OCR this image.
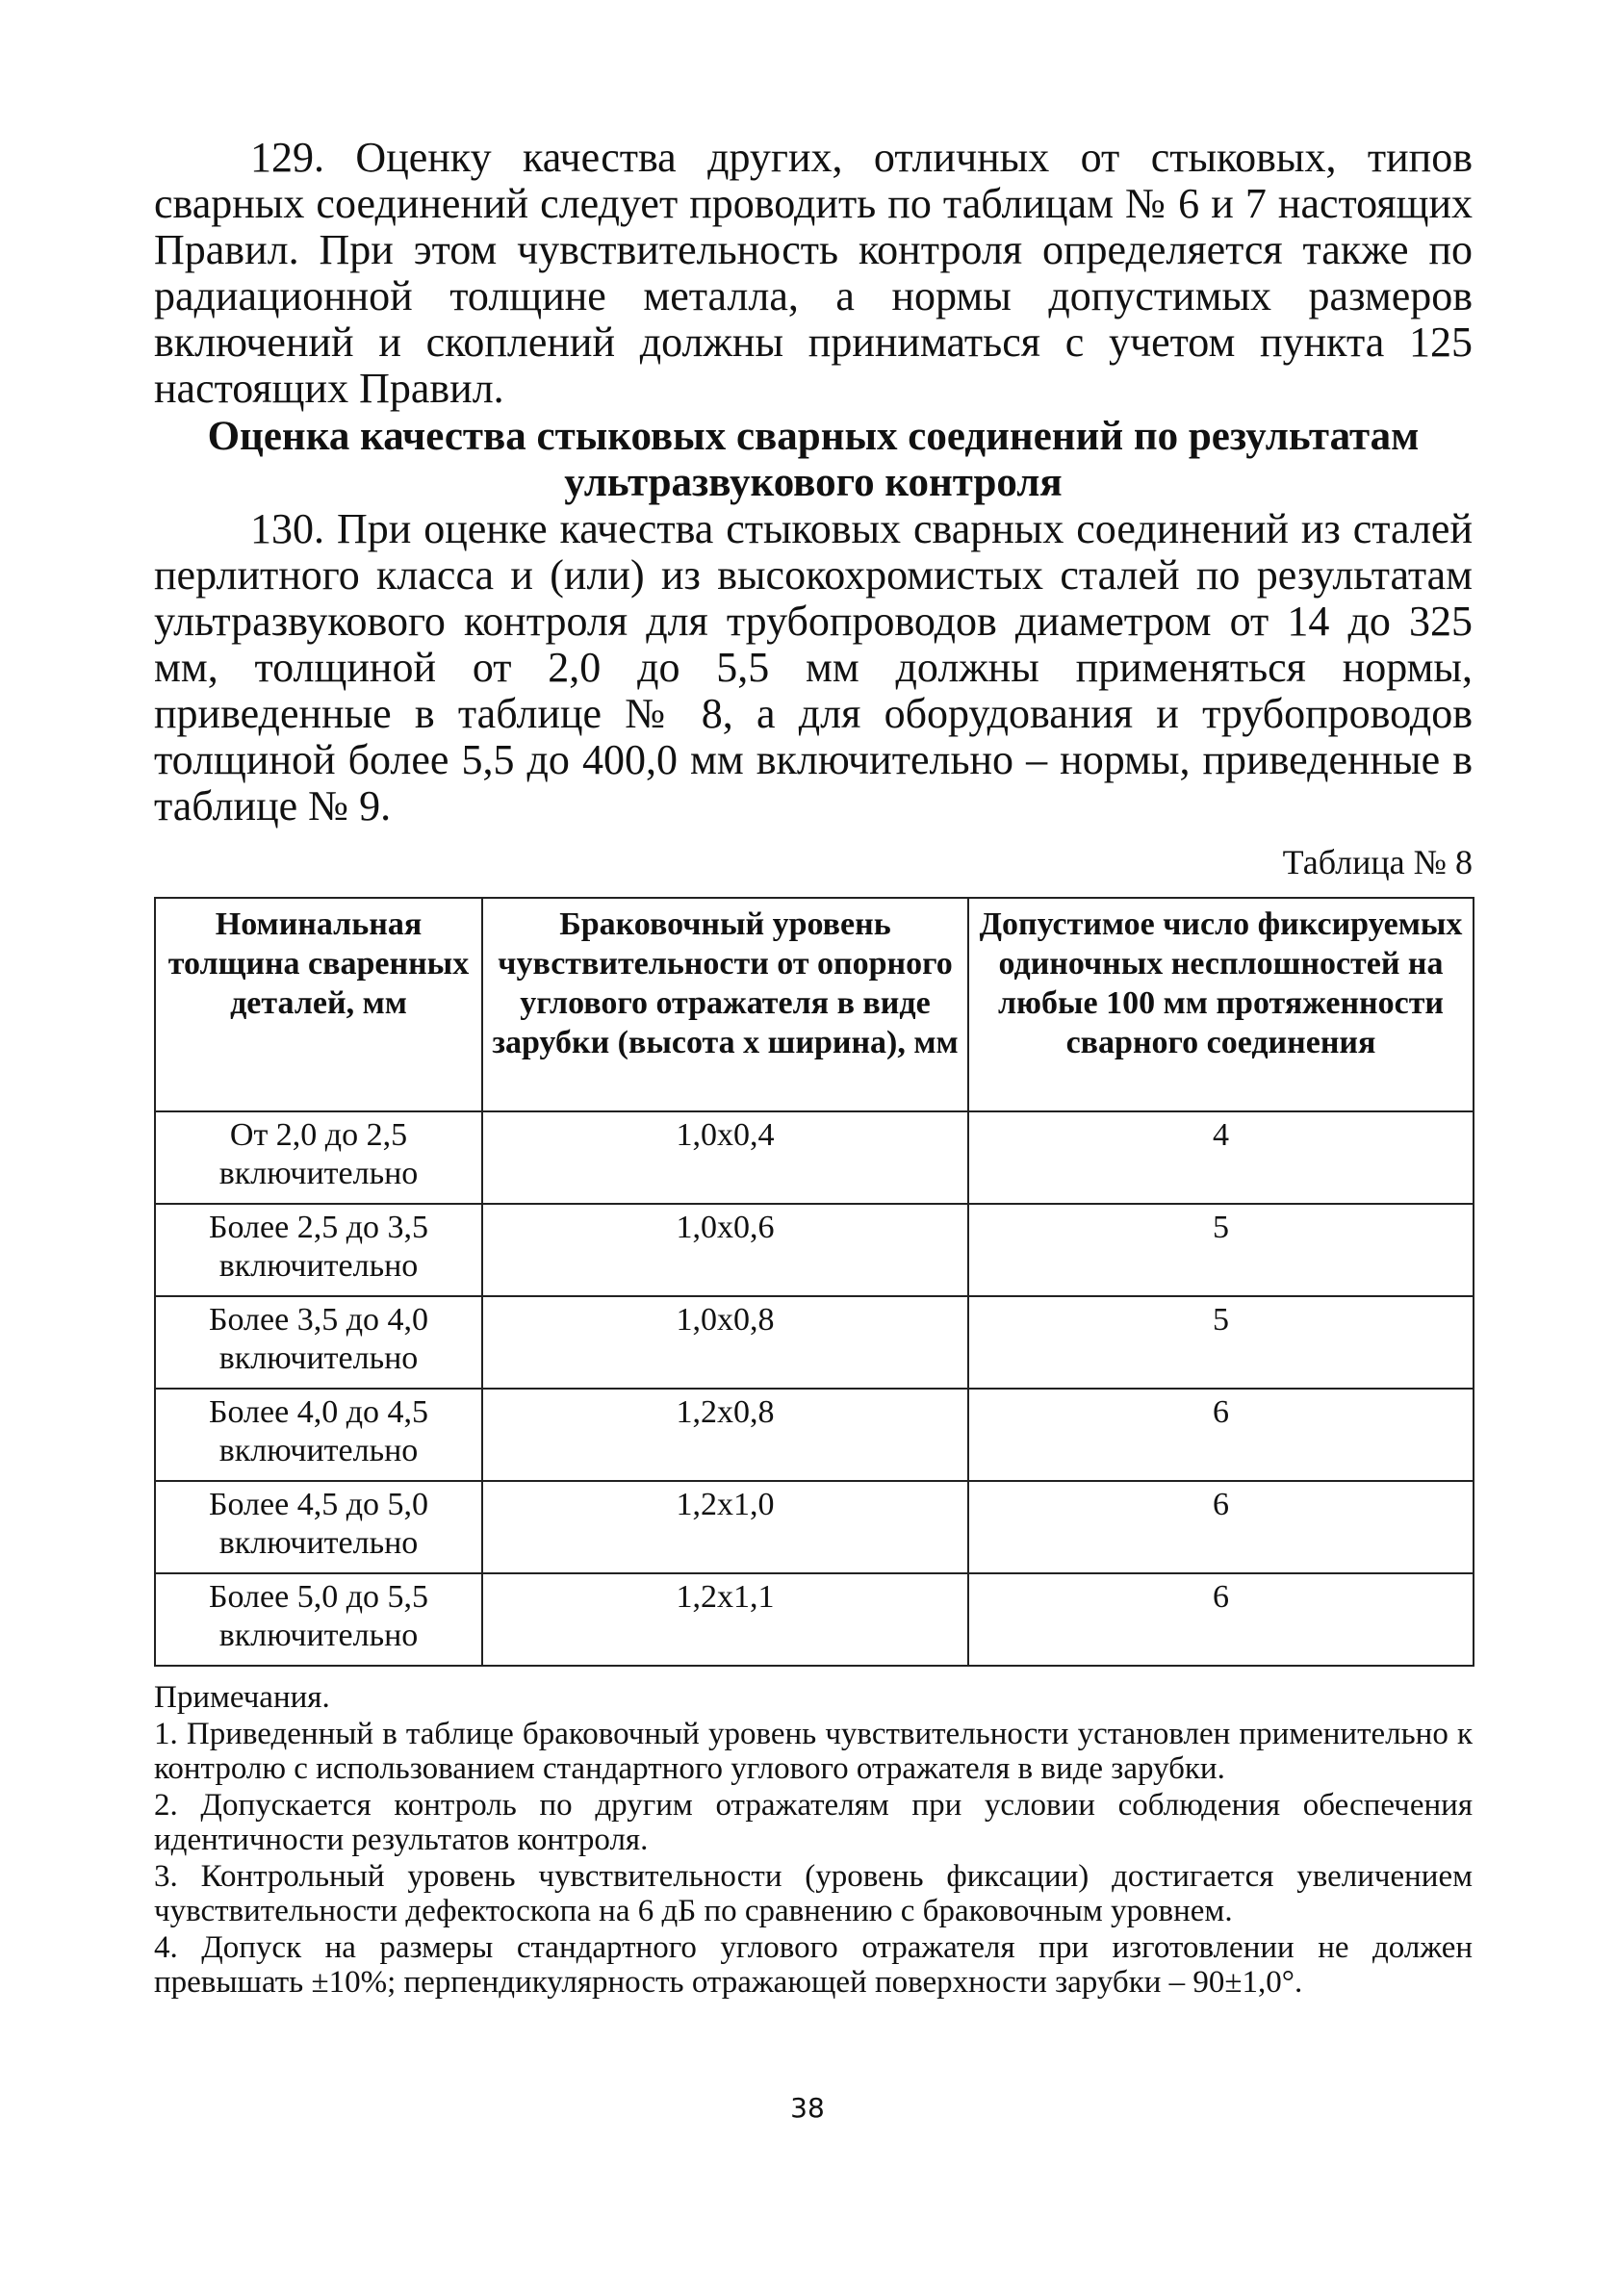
129. Оценку качества других, отличных от стыковых, типов сварных соединений следует проводить по таблицам № 6 и 7 настоящих Правил. При этом чувствительность контроля определяется также по радиационной толщине металла, а нормы допустимых размеров включений и скоплений должны приниматься с учетом пункта 125 настоящих Правил.

Оценка качества стыковых сварных соединений по результатам ультразвукового контроля

130. При оценке качества стыковых сварных соединений из сталей перлитного класса и (или) из высокохромистых сталей по результатам ультразвукового контроля для трубопроводов диаметром от 14 до 325 мм, толщиной от 2,0 до 5,5 мм должны применяться нормы, приведенные в таблице № 8, а для оборудования и трубопроводов толщиной более 5,5 до 400,0 мм включительно – нормы, приведенные в таблице № 9.

Таблица № 8
Номинальная толщина сваренных деталей, мм	Браковочный уровень чувствительности от опорного углового отражателя в виде зарубки (высота x ширина), мм	Допустимое число фиксируемых одиночных несплошностей на любые 100 мм протяженности сварного соединения
От 2,0 до 2,5 включительно	1,0x0,4	4
Более 2,5 до 3,5 включительно	1,0x0,6	5
Более 3,5 до 4,0 включительно	1,0x0,8	5
Более 4,0 до 4,5 включительно	1,2x0,8	6
Более 4,5 до 5,0 включительно	1,2x1,0	6
Более 5,0 до 5,5 включительно	1,2x1,1	6

Примечания.

1. Приведенный в таблице браковочный уровень чувствительности установлен применительно к контролю с использованием стандартного углового отражателя в виде зарубки.

2. Допускается контроль по другим отражателям при условии соблюдения обеспечения идентичности результатов контроля.

3. Контрольный уровень чувствительности (уровень фиксации) достигается увеличением чувствительности дефектоскопа на 6 дБ по сравнению с браковочным уровнем.

4. Допуск на размеры стандартного углового отражателя при изготовлении не должен превышать ±10%; перпендикулярность отражающей поверхности зарубки – 90±1,0°.

38
